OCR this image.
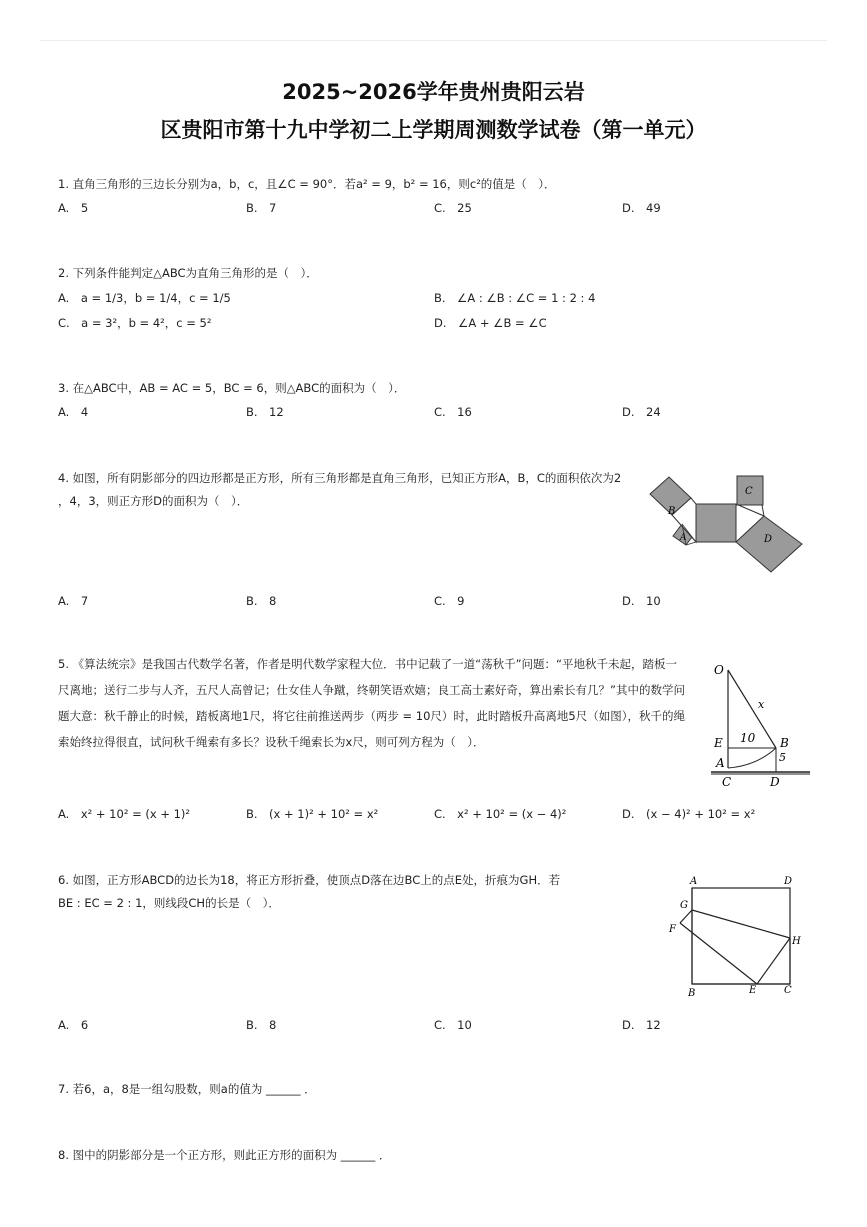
2025~2026学年贵州贵阳云岩
区贵阳市第十九中学初二上学期周测数学试卷（第一单元）
1. 直角三角形的三边长分别为a，b，c，且∠C = 90°．若a² = 9，b² = 16，则c²的值是（　）．
A.　5	B.　7	C.　25	D.　49
2. 下列条件能判定△ABC为直角三角形的是（　）．
A.　a = 1/3，b = 1/4，c = 1/5	B.　∠A : ∠B : ∠C = 1 : 2 : 4
C.　a = 3²，b = 4²，c = 5²	D.　∠A + ∠B = ∠C
3. 在△ABC中，AB = AC = 5，BC = 6，则△ABC的面积为（　）．
A.　4	B.　12	C.　16	D.　24
4. 如图，所有阴影部分的四边形都是正方形，所有三角形都是直角三角形，已知正方形A，B，C的面积依次为2
，4，3，则正方形D的面积为（　）．
B
C
A	D
A.　7	B.　8	C.　9	D.　10
5. 《算法统宗》是我国古代数学名著，作者是明代数学家程大位．书中记载了一道“荡秋千”问题：“平地秋千未起，踏板一
尺离地；送行二步与人齐，五尺人高曾记；仕女佳人争蹴，终朝笑语欢嬉；良工高士素好奇，算出索长有几？”其中的数学问
题大意：秋千静止的时候，踏板离地1尺，将它往前推送两步（两步 = 10尺）时，此时踏板升高离地5尺（如图），秋千的绳
索始终拉得很直，试问秋千绳索有多长？设秋千绳索长为x尺，则可列方程为（　）．
O
x
E 10 B
5
A
C	D
A.　x² + 10² = (x + 1)²	B.　(x + 1)² + 10² = x²	C.　x² + 10² = (x − 4)²	D.　(x − 4)² + 10² = x²
6. 如图，正方形ABCD的边长为18，将正方形折叠，使顶点D落在边BC上的点E处，折痕为GH．若
BE : EC = 2 : 1，则线段CH的长是（　）．
A	D
G
F
H
B	E	C
A.　6	B.　8	C.　10	D.　12
7. 若6，a，8是一组勾股数，则a的值为 ______ ．
8. 图中的阴影部分是一个正方形，则此正方形的面积为 ______ ．
